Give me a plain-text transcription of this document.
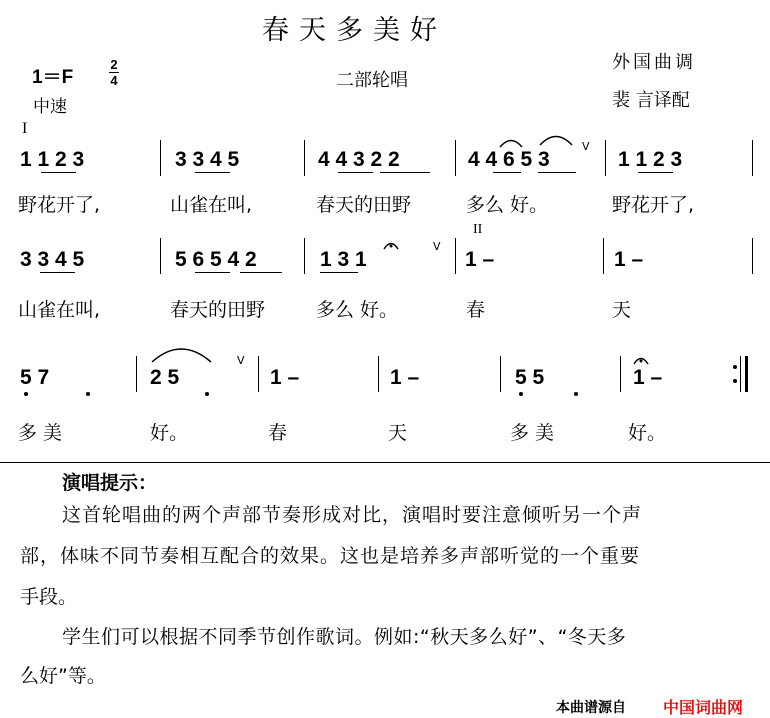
春天多美好
1＝F
2
4
中速
二部轮唱
外国曲调
裴 言译配
I
II
1 1 2 3	3 3 4 5	4 4 3 2 2	4 4 6 5 3	1 1 2 3
V
野花开了,	山雀在叫,	春天的田野	多么 好。	野花开了,
3 3 4 5	5 6 5 4 2	1 3 1	1 –	1 –
V
山雀在叫,	春天的田野	多么 好。	春	天
5 7	2 5	1 –	1 –	5 5	1 –
V
多 美	好。	春	天	多 美	好。
演唱提示：
这首轮唱曲的两个声部节奏形成对比，演唱时要注意倾听另一个声
部，体味不同节奏相互配合的效果。这也是培养多声部听觉的一个重要
手段。
学生们可以根据不同季节创作歌词。例如:“秋天多么好”、“冬天多
么好”等。
本曲谱源自 中国词曲网
